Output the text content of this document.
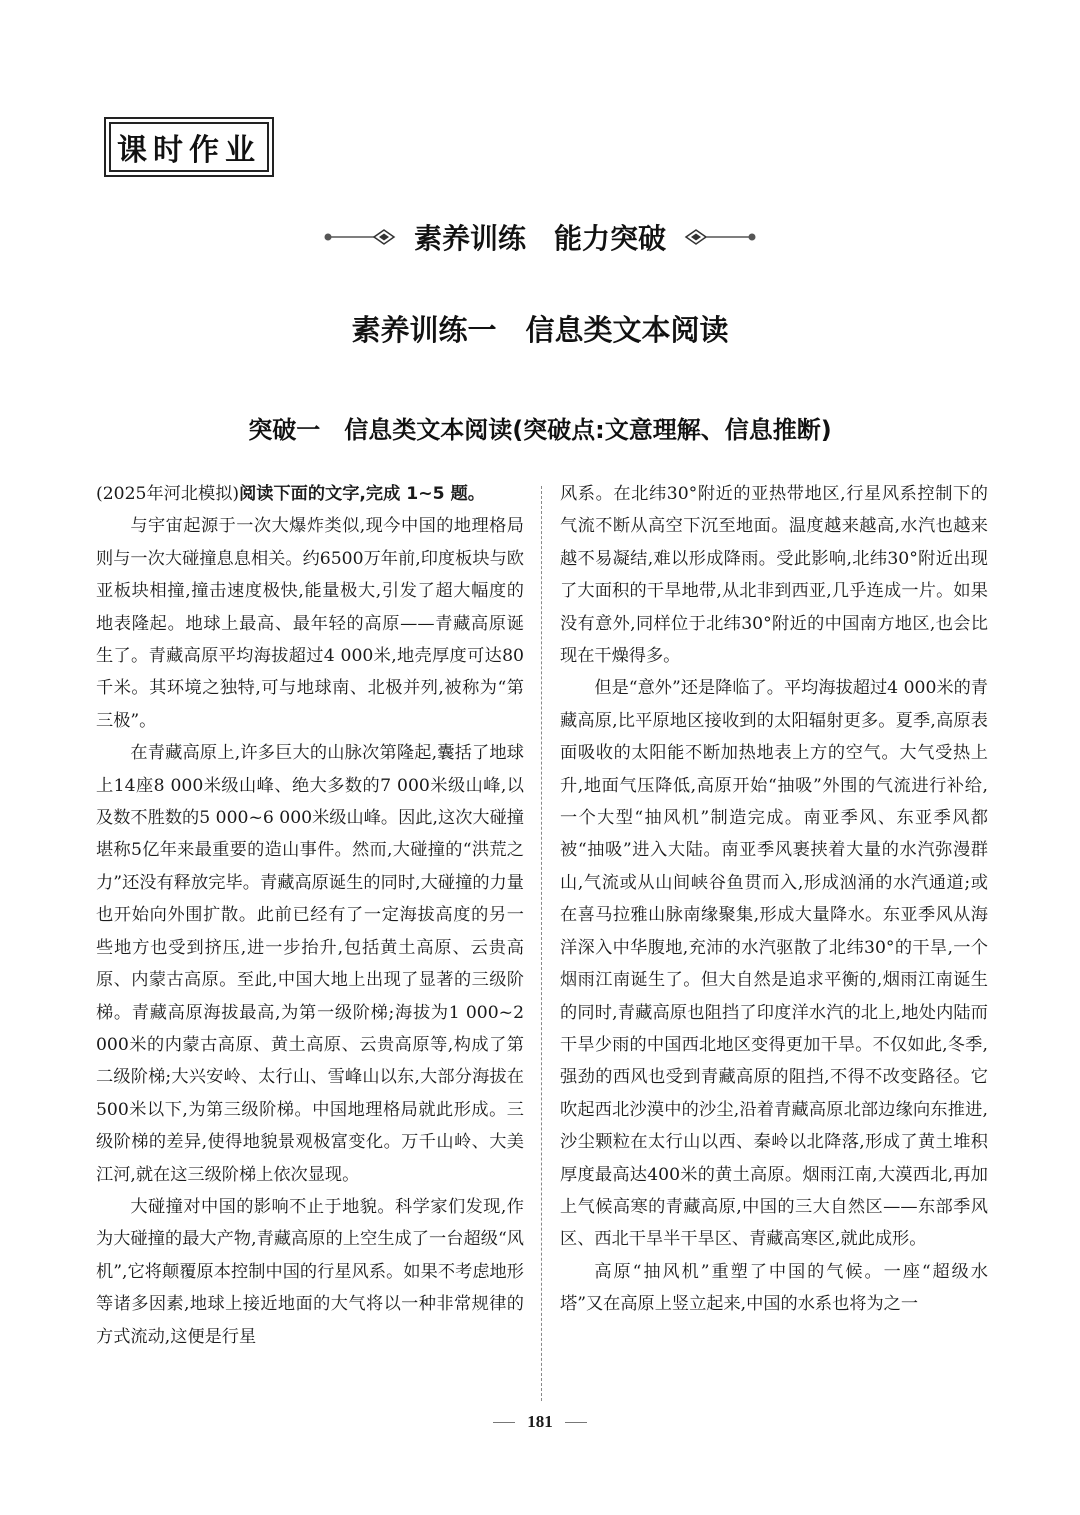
课时作业
素养训练　能力突破
素养训练一　信息类文本阅读
突破一　信息类文本阅读(突破点:文意理解、信息推断)

(2025年河北模拟)阅读下面的文字,完成 1~5 题。

与宇宙起源于一次大爆炸类似,现今中国的地理格局则与一次大碰撞息息相关。约6500万年前,印度板块与欧亚板块相撞,撞击速度极快,能量极大,引发了超大幅度的地表隆起。地球上最高、最年轻的高原——青藏高原诞生了。青藏高原平均海拔超过4 000米,地壳厚度可达80千米。其环境之独特,可与地球南、北极并列,被称为“第三极”。

在青藏高原上,许多巨大的山脉次第隆起,囊括了地球上14座8 000米级山峰、绝大多数的7 000米级山峰,以及数不胜数的5 000~6 000米级山峰。因此,这次大碰撞堪称5亿年来最重要的造山事件。然而,大碰撞的“洪荒之力”还没有释放完毕。青藏高原诞生的同时,大碰撞的力量也开始向外围扩散。此前已经有了一定海拔高度的另一些地方也受到挤压,进一步抬升,包括黄土高原、云贵高原、内蒙古高原。至此,中国大地上出现了显著的三级阶梯。青藏高原海拔最高,为第一级阶梯;海拔为1 000~2 000米的内蒙古高原、黄土高原、云贵高原等,构成了第二级阶梯;大兴安岭、太行山、雪峰山以东,大部分海拔在500米以下,为第三级阶梯。中国地理格局就此形成。三级阶梯的差异,使得地貌景观极富变化。万千山岭、大美江河,就在这三级阶梯上依次显现。

大碰撞对中国的影响不止于地貌。科学家们发现,作为大碰撞的最大产物,青藏高原的上空生成了一台超级“风机”,它将颠覆原本控制中国的行星风系。如果不考虑地形等诸多因素,地球上接近地面的大气将以一种非常规律的方式流动,这便是行星

风系。在北纬30°附近的亚热带地区,行星风系控制下的气流不断从高空下沉至地面。温度越来越高,水汽也越来越不易凝结,难以形成降雨。受此影响,北纬30°附近出现了大面积的干旱地带,从北非到西亚,几乎连成一片。如果没有意外,同样位于北纬30°附近的中国南方地区,也会比现在干燥得多。

但是“意外”还是降临了。平均海拔超过4 000米的青藏高原,比平原地区接收到的太阳辐射更多。夏季,高原表面吸收的太阳能不断加热地表上方的空气。大气受热上升,地面气压降低,高原开始“抽吸”外围的气流进行补给,一个大型“抽风机”制造完成。南亚季风、东亚季风都被“抽吸”进入大陆。南亚季风裹挟着大量的水汽弥漫群山,气流或从山间峡谷鱼贯而入,形成汹涌的水汽通道;或在喜马拉雅山脉南缘聚集,形成大量降水。东亚季风从海洋深入中华腹地,充沛的水汽驱散了北纬30°的干旱,一个烟雨江南诞生了。但大自然是追求平衡的,烟雨江南诞生的同时,青藏高原也阻挡了印度洋水汽的北上,地处内陆而干旱少雨的中国西北地区变得更加干旱。不仅如此,冬季,强劲的西风也受到青藏高原的阻挡,不得不改变路径。它吹起西北沙漠中的沙尘,沿着青藏高原北部边缘向东推进,沙尘颗粒在太行山以西、秦岭以北降落,形成了黄土堆积厚度最高达400米的黄土高原。烟雨江南,大漠西北,再加上气候高寒的青藏高原,中国的三大自然区——东部季风区、西北干旱半干旱区、青藏高寒区,就此成形。

高原“抽风机”重塑了中国的气候。一座“超级水塔”又在高原上竖立起来,中国的水系也将为之一

181
